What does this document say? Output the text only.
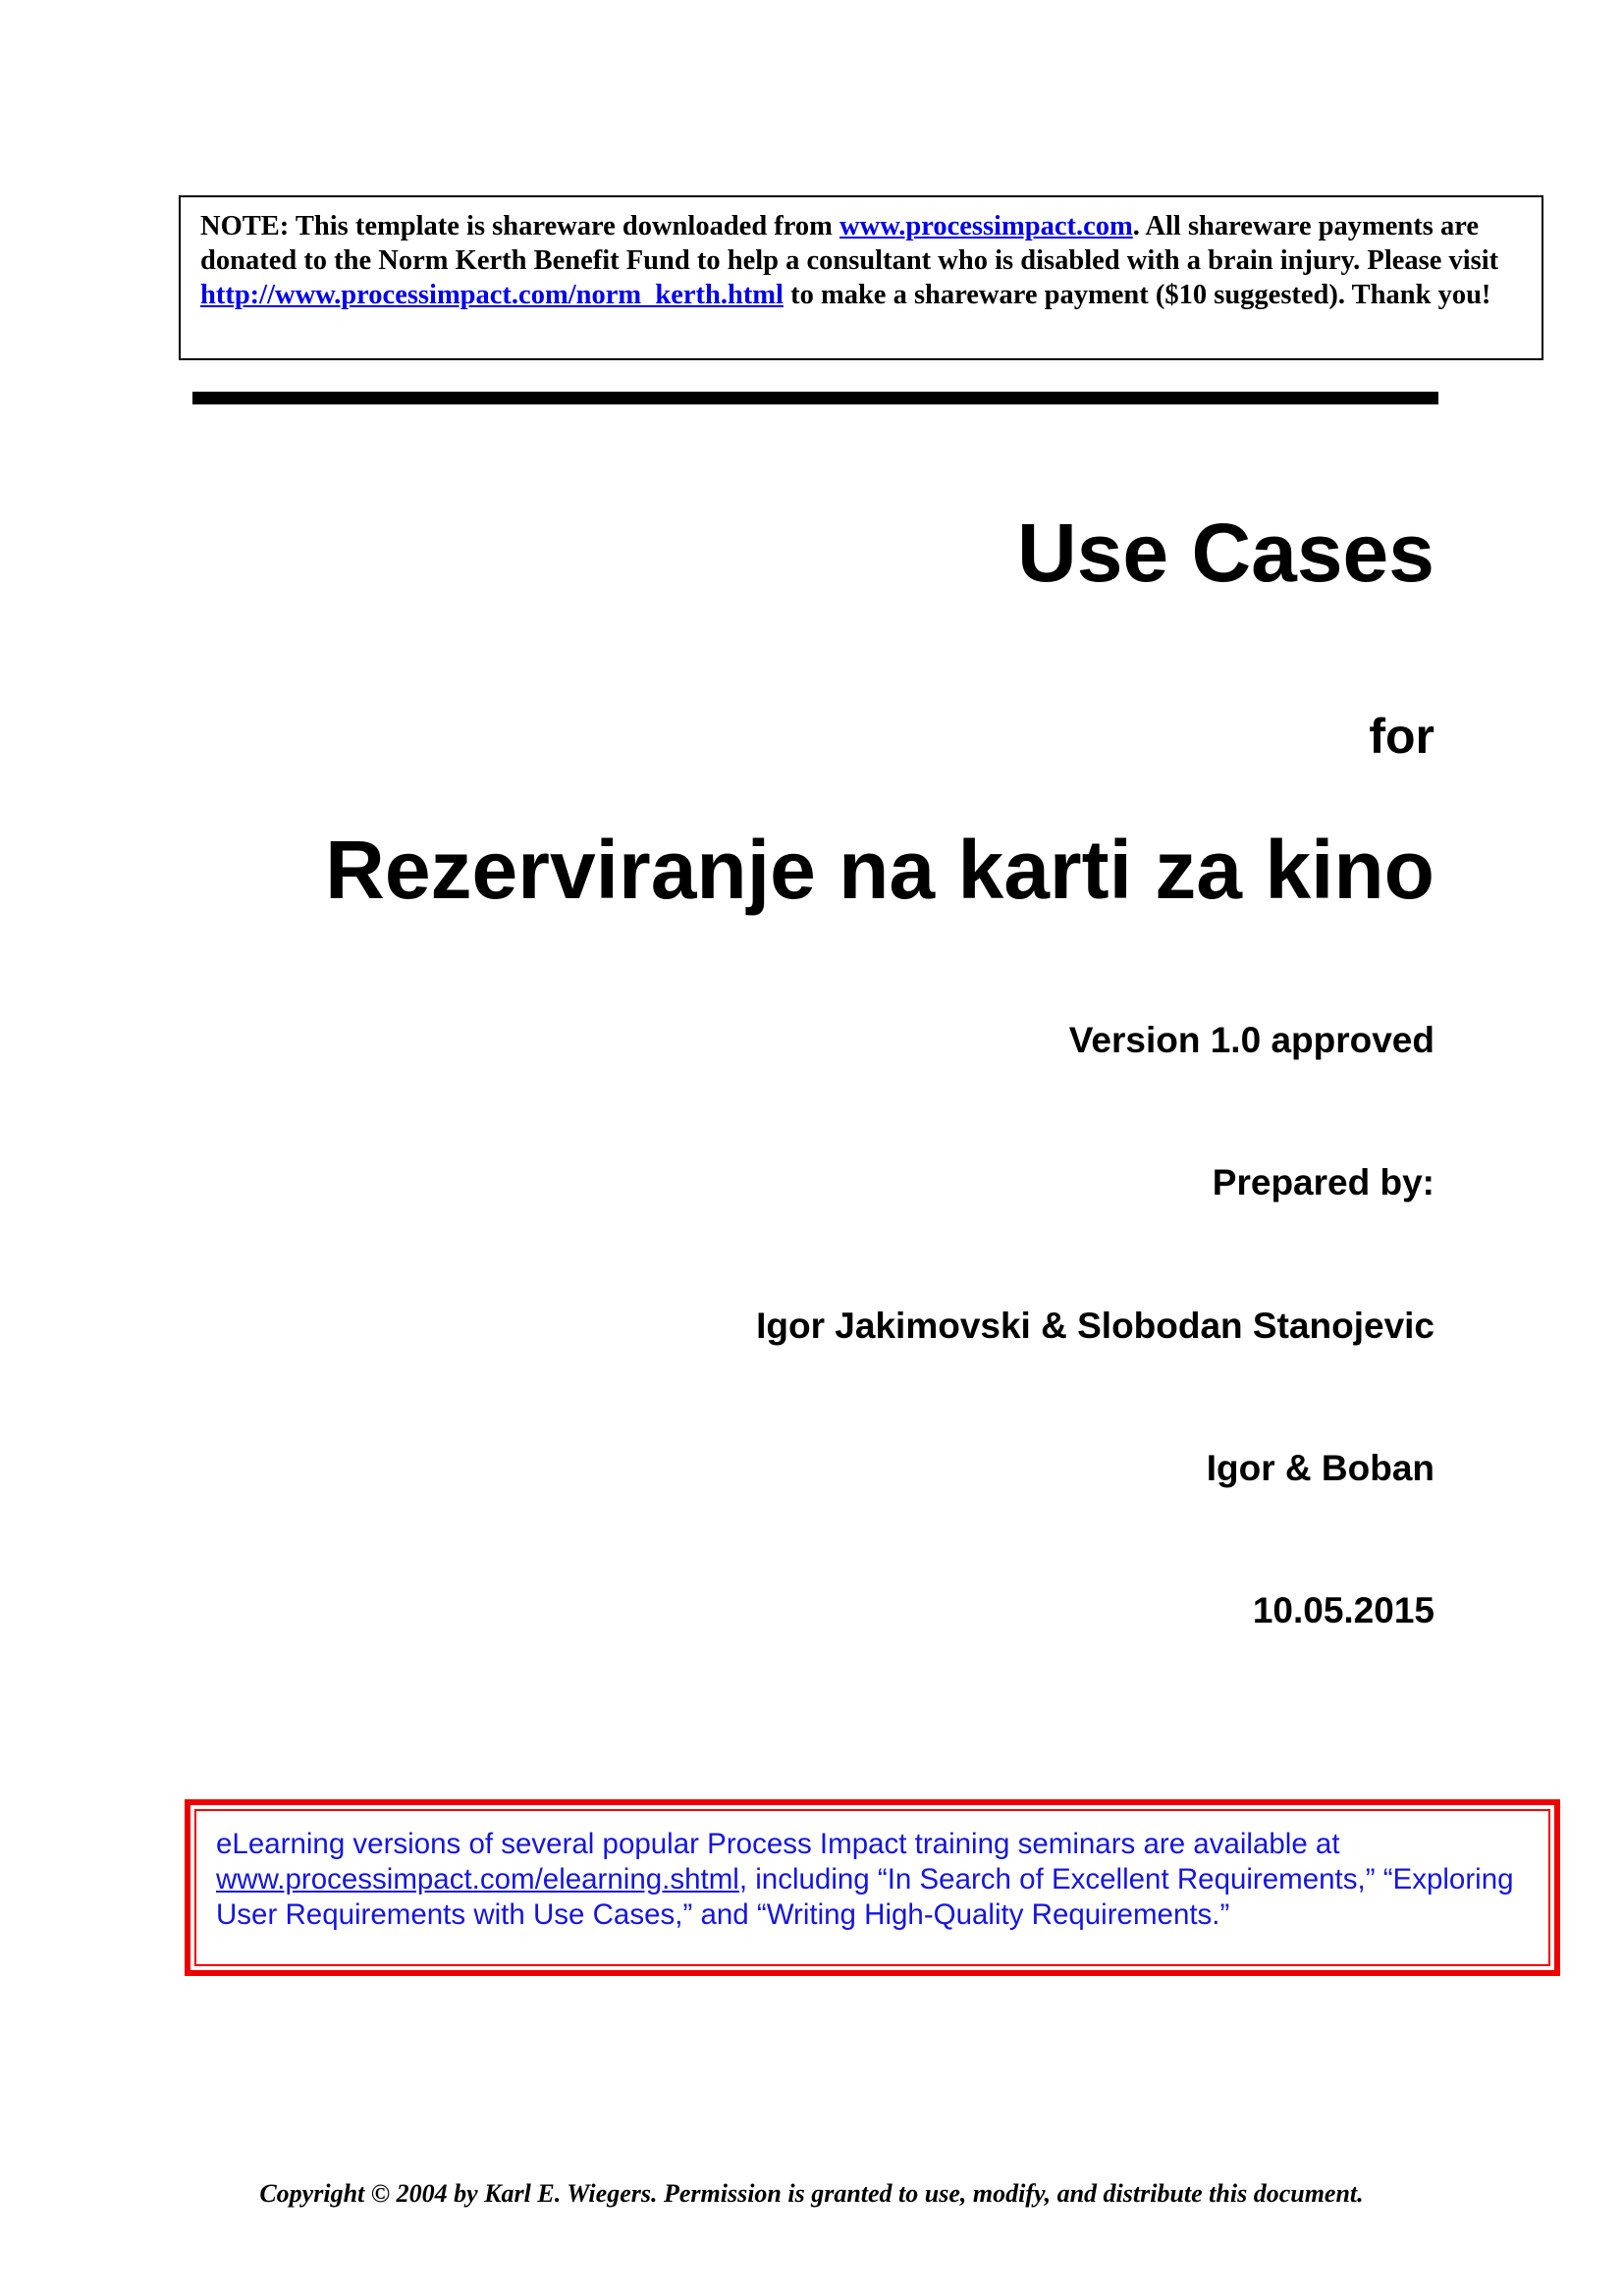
NOTE: This template is shareware downloaded from www.processimpact.com. All shareware payments are donated to the Norm Kerth Benefit Fund to help a consultant who is disabled with a brain injury. Please visit http://www.processimpact.com/norm_kerth.html to make a shareware payment ($10 suggested). Thank you!
Use Cases
for
Rezerviranje na karti za kino
Version 1.0 approved
Prepared by:
Igor Jakimovski & Slobodan Stanojevic
Igor & Boban
10.05.2015
eLearning versions of several popular Process Impact training seminars are available at www.processimpact.com/elearning.shtml, including “In Search of Excellent Requirements,” “Exploring User Requirements with Use Cases,” and “Writing High-Quality Requirements.”
Copyright © 2004 by Karl E. Wiegers. Permission is granted to use, modify, and distribute this document.
